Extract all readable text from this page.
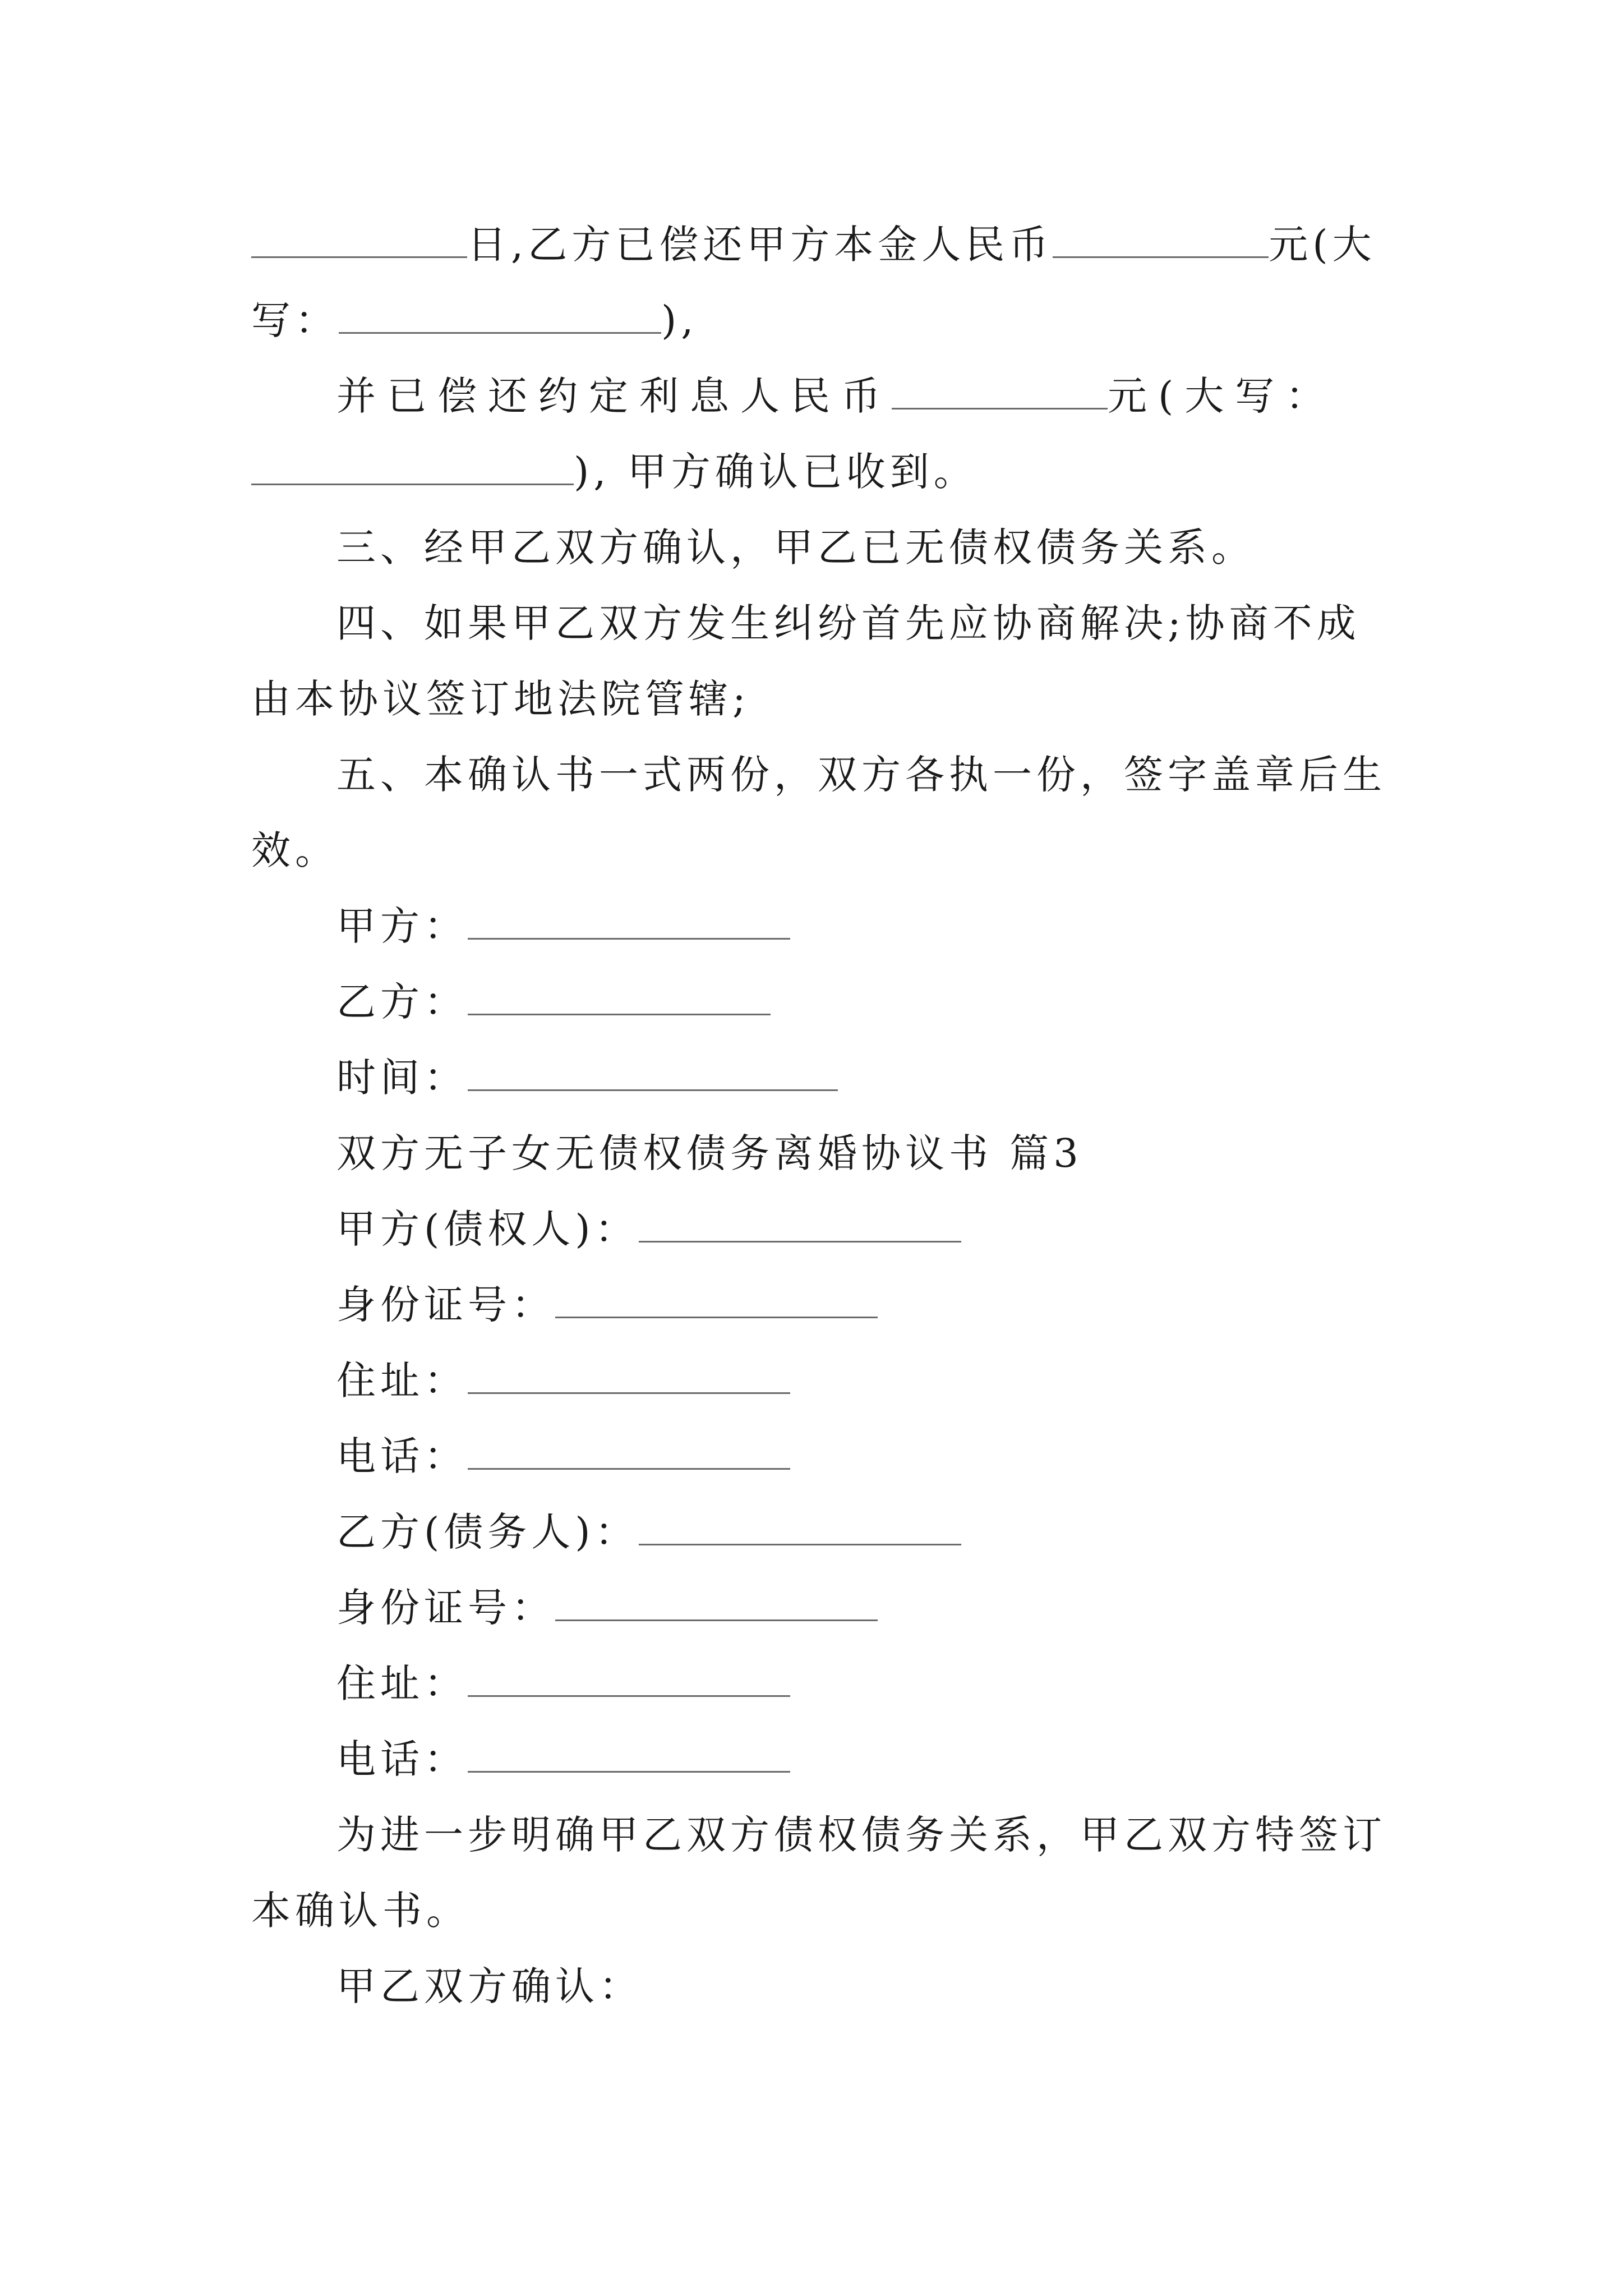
日,乙方已偿还甲方本金人民币	元(大
写：	),
并已偿还约定利息人民币	元(大写：
), 甲方确认已收到。
三、经甲乙双方确认，甲乙已无债权债务关系。
四、如果甲乙双方发生纠纷首先应协商解决;协商不成
由本协议签订地法院管辖;
五、本确认书一式两份，双方各执一份，签字盖章后生
效。
甲方：
乙方：
时间：
双方无子女无债权债务离婚协议书 篇3
甲方(债权人)：
身份证号：
住址：
电话：
乙方(债务人)：
身份证号：
住址：
电话：
为进一步明确甲乙双方债权债务关系，甲乙双方特签订
本确认书。
甲乙双方确认：
